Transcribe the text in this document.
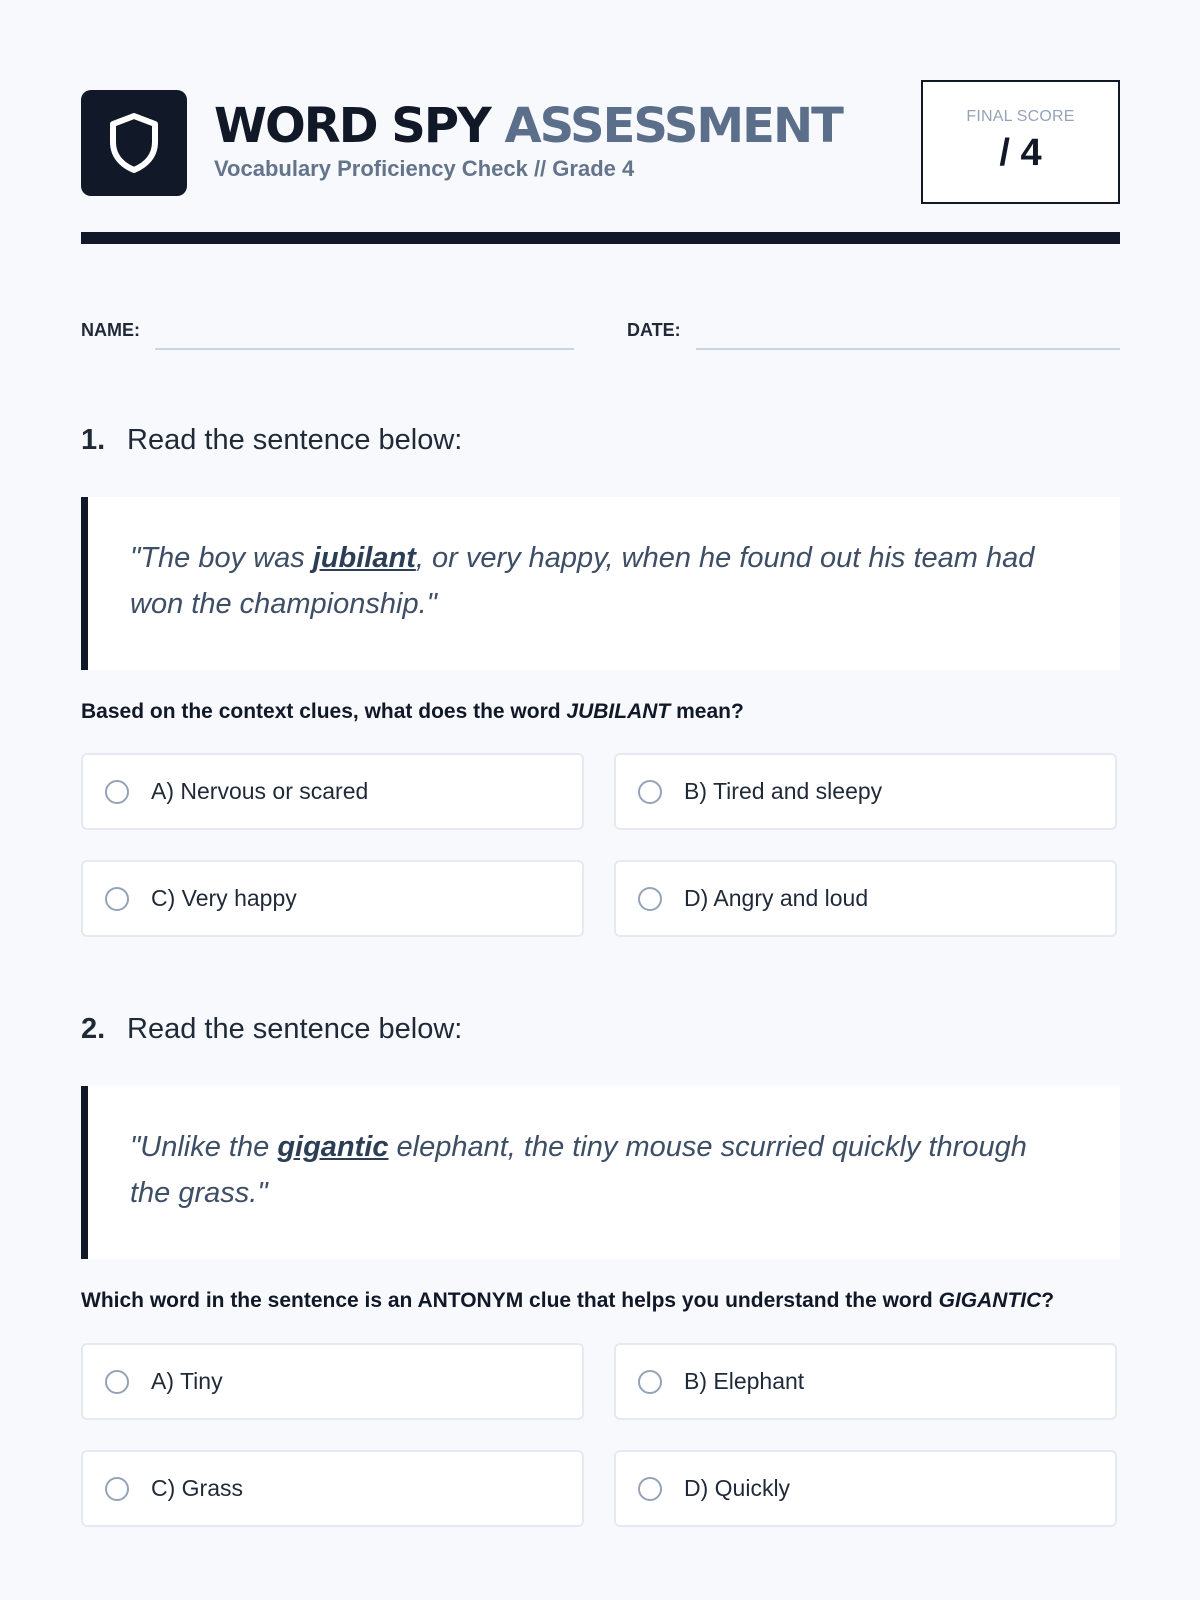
WORD SPY ASSESSMENT
Vocabulary Proficiency Check // Grade 4
FINAL SCORE
/ 4
NAME:	DATE:
1. Read the sentence below:
"The boy was jubilant, or very happy, when he found out his team had won the championship."
Based on the context clues, what does the word JUBILANT mean?
A) Nervous or scared	B) Tired and sleepy
C) Very happy	D) Angry and loud
2. Read the sentence below:
"Unlike the gigantic elephant, the tiny mouse scurried quickly through the grass."
Which word in the sentence is an ANTONYM clue that helps you understand the word GIGANTIC?
A) Tiny	B) Elephant
C) Grass	D) Quickly
